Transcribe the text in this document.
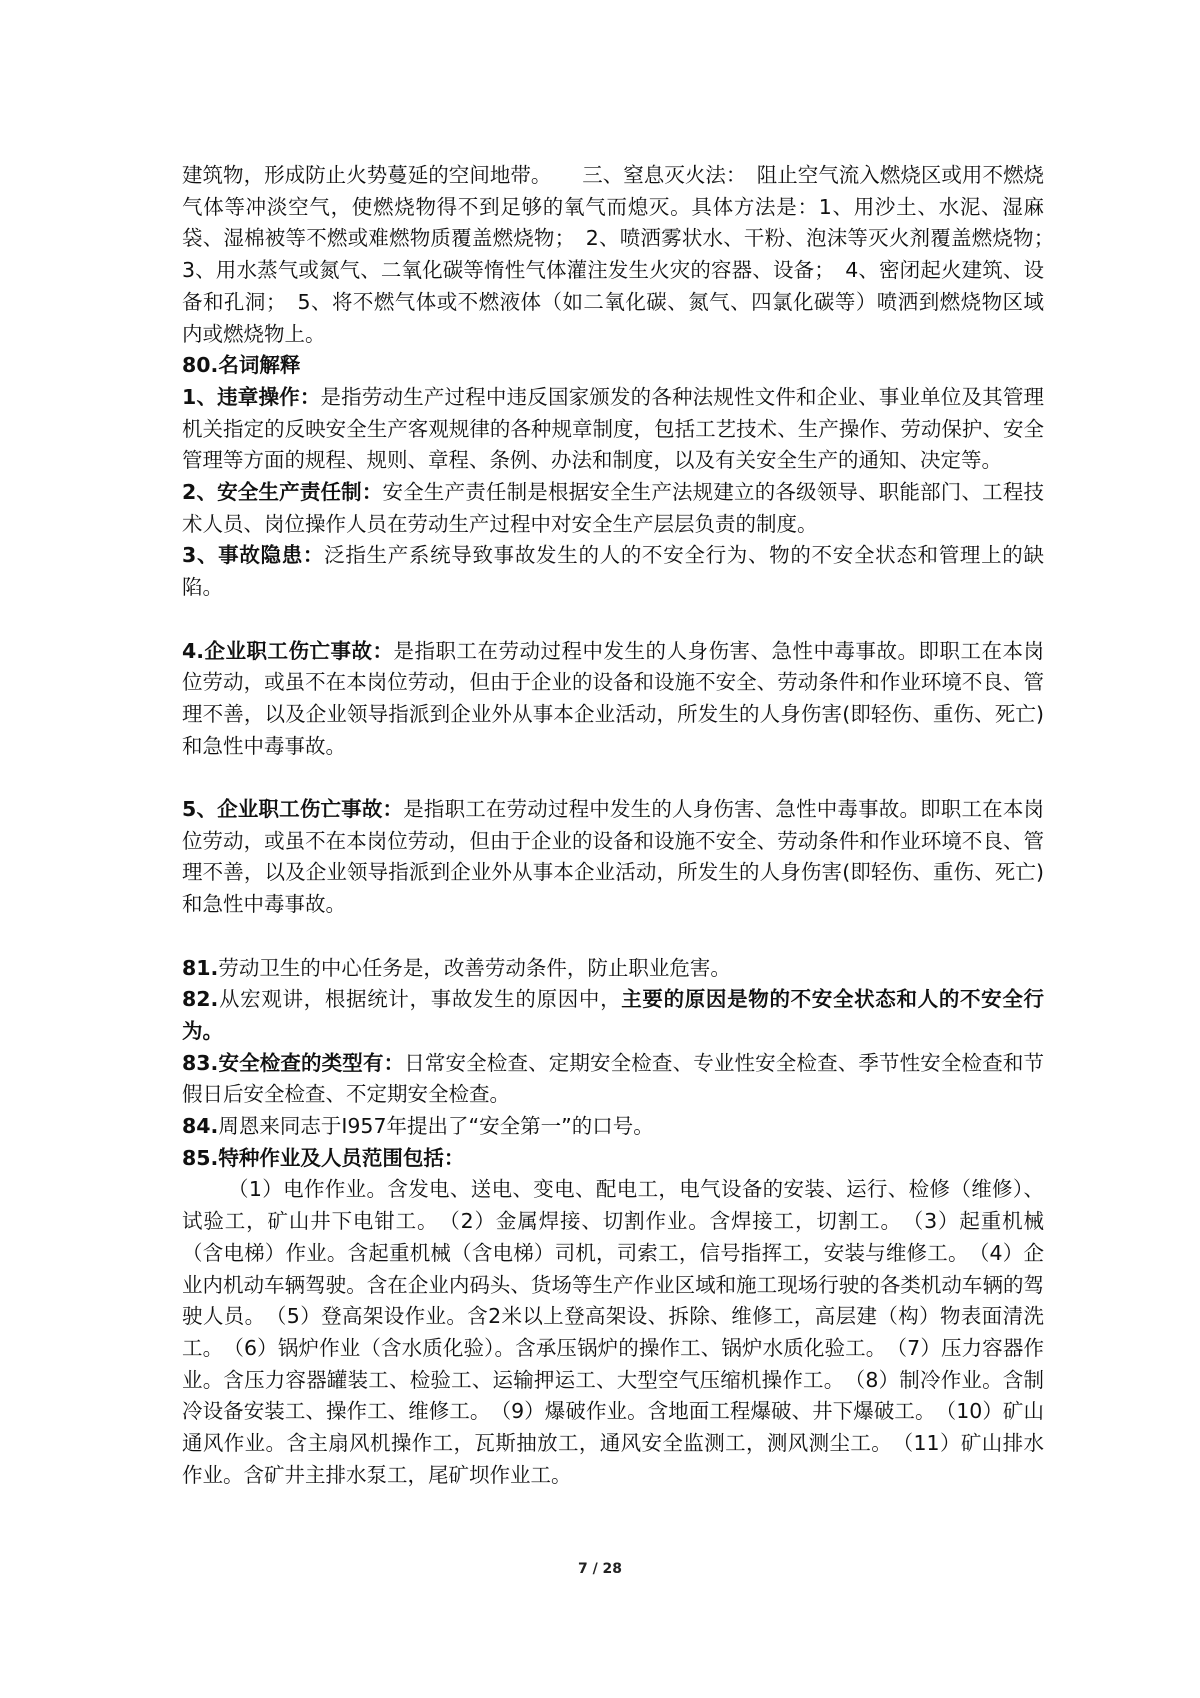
建筑物，形成防止火势蔓延的空间地带。　　三、窒息灭火法：　阻止空气流入燃烧区或用不燃烧气体等冲淡空气，使燃烧物得不到足够的氧气而熄灭。具体方法是：1、用沙土、水泥、湿麻袋、湿棉被等不燃或难燃物质覆盖燃烧物；　2、喷洒雾状水、干粉、泡沫等灭火剂覆盖燃烧物；　3、用水蒸气或氮气、二氧化碳等惰性气体灌注发生火灾的容器、设备；　4、密闭起火建筑、设备和孔洞；　5、将不燃气体或不燃液体（如二氧化碳、氮气、四氯化碳等）喷洒到燃烧物区域内或燃烧物上。

80.名词解释

1、违章操作：是指劳动生产过程中违反国家颁发的各种法规性文件和企业、事业单位及其管理机关指定的反映安全生产客观规律的各种规章制度，包括工艺技术、生产操作、劳动保护、安全管理等方面的规程、规则、章程、条例、办法和制度，以及有关安全生产的通知、决定等。

2、安全生产责任制：安全生产责任制是根据安全生产法规建立的各级领导、职能部门、工程技术人员、岗位操作人员在劳动生产过程中对安全生产层层负责的制度。

3、事故隐患：泛指生产系统导致事故发生的人的不安全行为、物的不安全状态和管理上的缺陷。

4.企业职工伤亡事故：是指职工在劳动过程中发生的人身伤害、急性中毒事故。即职工在本岗位劳动，或虽不在本岗位劳动，但由于企业的设备和设施不安全、劳动条件和作业环境不良、管理不善，以及企业领导指派到企业外从事本企业活动，所发生的人身伤害(即轻伤、重伤、死亡)和急性中毒事故。

5、企业职工伤亡事故：是指职工在劳动过程中发生的人身伤害、急性中毒事故。即职工在本岗位劳动，或虽不在本岗位劳动，但由于企业的设备和设施不安全、劳动条件和作业环境不良、管理不善，以及企业领导指派到企业外从事本企业活动，所发生的人身伤害(即轻伤、重伤、死亡)和急性中毒事故。

81.劳动卫生的中心任务是，改善劳动条件，防止职业危害。

82.从宏观讲，根据统计，事故发生的原因中，主要的原因是物的不安全状态和人的不安全行为。

83.安全检查的类型有：日常安全检查、定期安全检查、专业性安全检查、季节性安全检查和节假日后安全检查、不定期安全检查。

84.周恩来同志于I957年提出了“安全第一”的口号。

85.特种作业及人员范围包括：

（1）电作作业。含发电、送电、变电、配电工，电气设备的安装、运行、检修（维修）、试验工，矿山井下电钳工。　（2）金属焊接、切割作业。含焊接工，切割工。　（3）起重机械（含电梯）作业。含起重机械（含电梯）司机，司索工，信号指挥工，安装与维修工。　（4）企业内机动车辆驾驶。含在企业内码头、货场等生产作业区域和施工现场行驶的各类机动车辆的驾驶人员。　（5）登高架设作业。含2米以上登高架设、拆除、维修工，高层建（构）物表面清洗工。　（6）锅炉作业（含水质化验）。含承压锅炉的操作工、锅炉水质化验工。　（7）压力容器作业。含压力容器罐装工、检验工、运输押运工、大型空气压缩机操作工。　（8）制冷作业。含制冷设备安装工、操作工、维修工。　（9）爆破作业。含地面工程爆破、井下爆破工。　（10）矿山通风作业。含主扇风机操作工，瓦斯抽放工，通风安全监测工，测风测尘工。　（11）矿山排水作业。含矿井主排水泵工，尾矿坝作业工。

7 / 28
